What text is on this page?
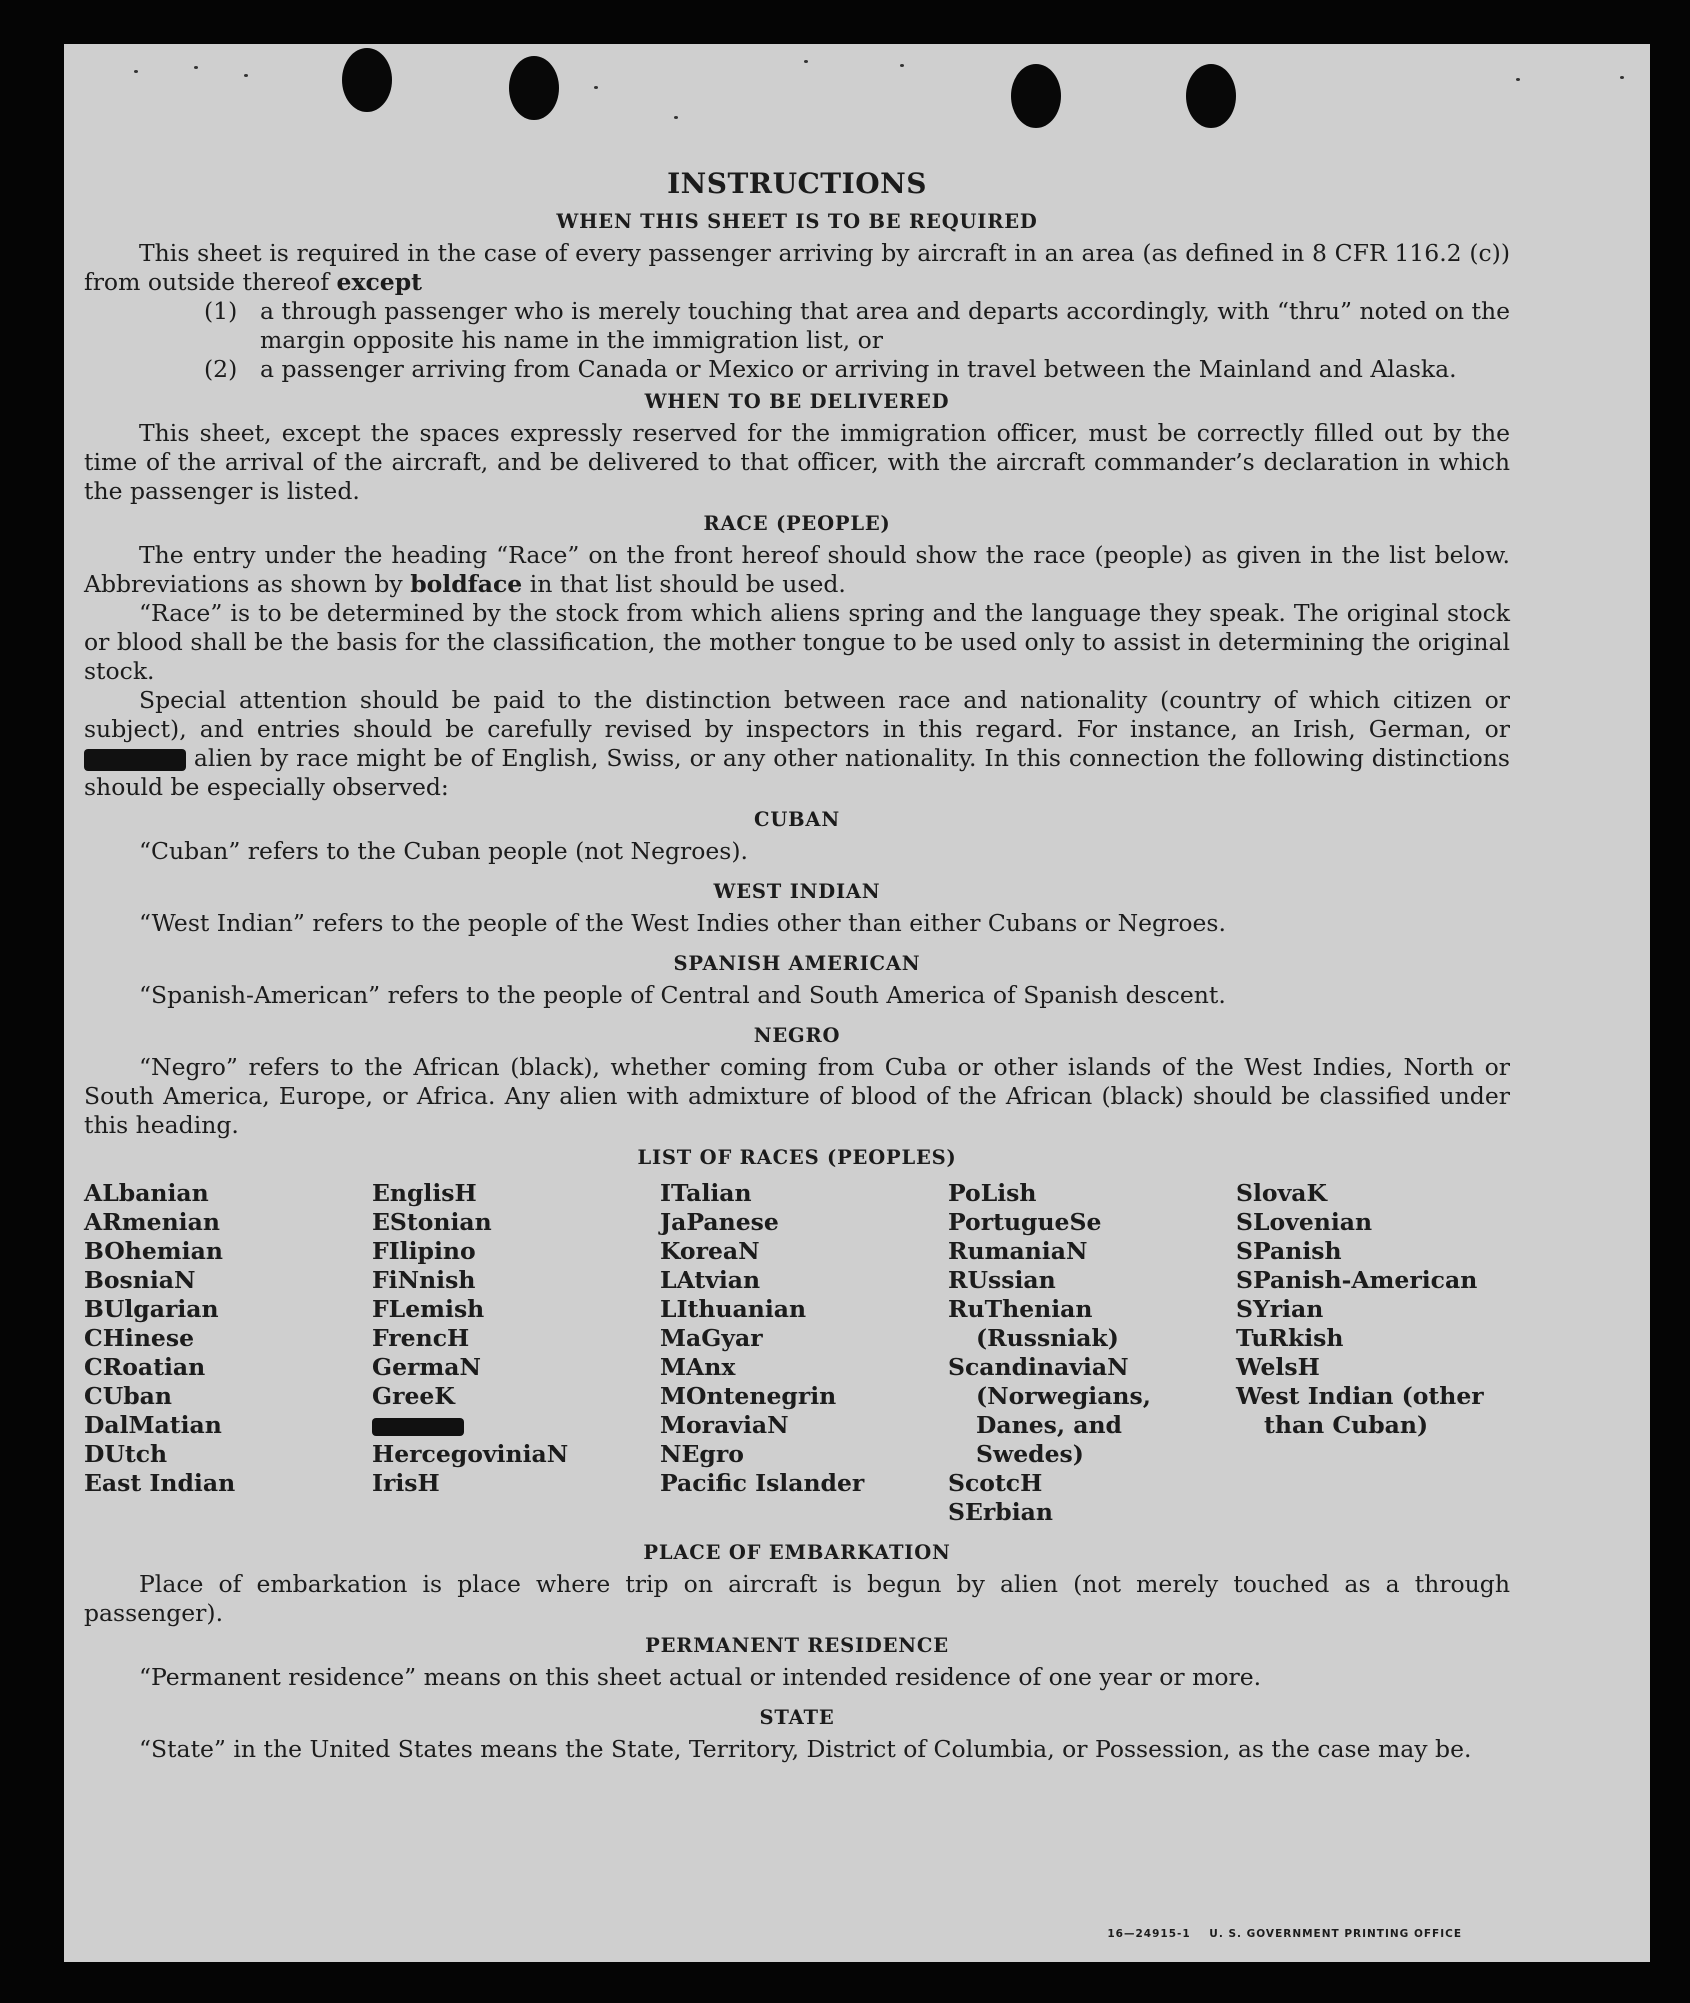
INSTRUCTIONS
WHEN THIS SHEET IS TO BE REQUIRED

This sheet is required in the case of every passenger arriving by aircraft in an area (as defined in 8 CFR 116.2 (c)) from outside thereof except

(1) a through passenger who is merely touching that area and departs accordingly, with “thru” noted on the margin opposite his name in the immigration list, or
(2) a passenger arriving from Canada or Mexico or arriving in travel between the Mainland and Alaska.
WHEN TO BE DELIVERED

This sheet, except the spaces expressly reserved for the immigration officer, must be correctly filled out by the time of the arrival of the aircraft, and be delivered to that officer, with the aircraft commander’s declaration in which the passenger is listed.

RACE (PEOPLE)

The entry under the heading “Race” on the front hereof should show the race (people) as given in the list below. Abbreviations as shown by boldface in that list should be used.

“Race” is to be determined by the stock from which aliens spring and the language they speak. The original stock or blood shall be the basis for the classification, the mother tongue to be used only to assist in determining the original stock.

Special attention should be paid to the distinction between race and nationality (country of which citizen or subject), and entries should be carefully revised by inspectors in this regard. For instance, an Irish, German, or  alien by race might be of English, Swiss, or any other nationality. In this connection the following distinctions should be especially observed:

CUBAN

“Cuban” refers to the Cuban people (not Negroes).

WEST INDIAN

“West Indian” refers to the people of the West Indies other than either Cubans or Negroes.

SPANISH AMERICAN

“Spanish-American” refers to the people of Central and South America of Spanish descent.

NEGRO

“Negro” refers to the African (black), whether coming from Cuba or other islands of the West Indies, North or South America, Europe, or Africa. Any alien with admixture of blood of the African (black) should be classified under this heading.

LIST OF RACES (PEOPLES)
ALbanian
ARmenian
BOhemian
BosniaN
BUlgarian
CHinese
CRoatian
CUban
DalMatian
DUtch
East Indian
EnglisH
EStonian
FIlipino
FiNnish
FLemish
FrencH
GermaN
GreeK
HercegoviniaN
IrisH
ITalian
JaPanese
KoreaN
LAtvian
LIthuanian
MaGyar
MAnx
MOntenegrin
MoraviaN
NEgro
Pacific Islander
PoLish
PortugueSe
RumaniaN
RUssian
RuThenian (Russniak)
ScandinaviaN (Norwegians, Danes, and Swedes)
ScotcH
SErbian
SlovaK
SLovenian
SPanish
SPanish-American
SYrian
TuRkish
WelsH
West Indian (other than Cuban)
PLACE OF EMBARKATION

Place of embarkation is place where trip on aircraft is begun by alien (not merely touched as a through passenger).

PERMANENT RESIDENCE

“Permanent residence” means on this sheet actual or intended residence of one year or more.

STATE

“State” in the United States means the State, Territory, District of Columbia, or Possession, as the case may be.

16—24915-1 U. S. GOVERNMENT PRINTING OFFICE
